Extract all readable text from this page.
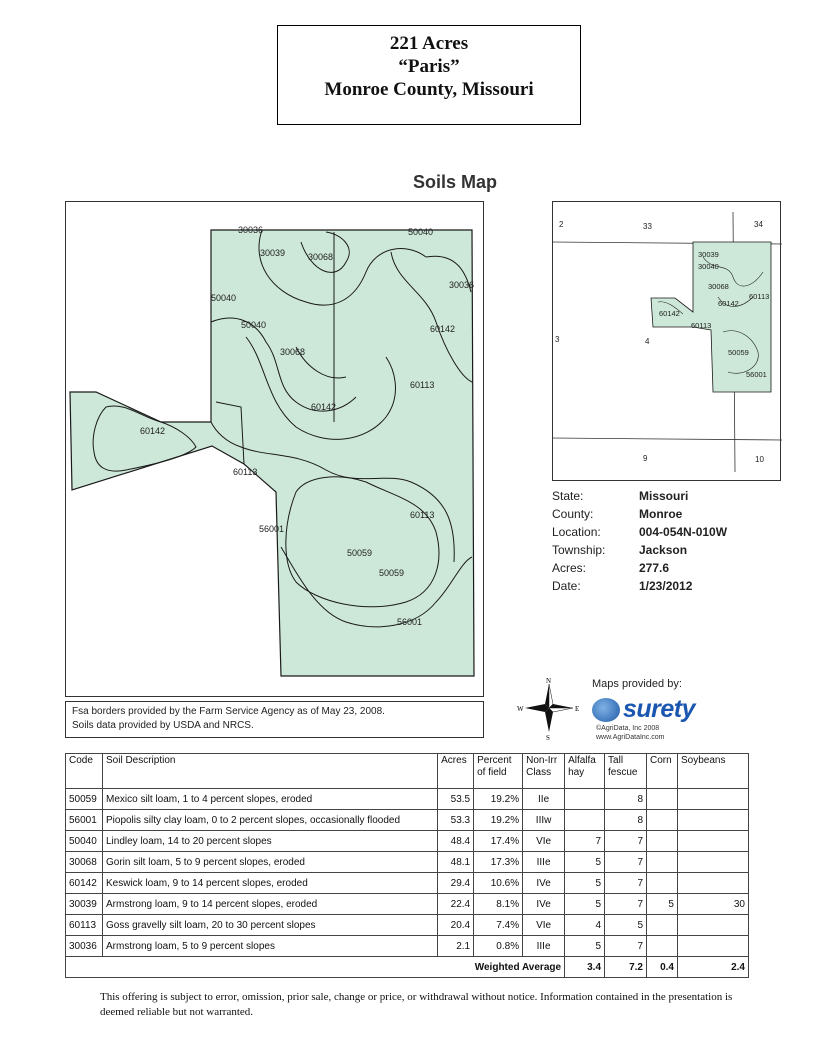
221 Acres
“Paris”
Monroe County, Missouri
Soils Map
30036
30039	30068
50040
50040
50040
30036
60142
30068
60113
60142
60142
60113
56001
60113
50059
50059
56001
2	33	34
3	4
9	10
30039
30040
30068
60113
60142
60142
60113
50059
56001
State:	Missouri
County:	Monroe
Location:	004-054N-010W
Township:	Jackson
Acres:	277.6
Date:	1/23/2012
Fsa borders provided by the Farm Service Agency as of May 23, 2008.
Soils data provided by USDA and NRCS.
N
S
W	E
Maps provided by:
surety
©AgriData, Inc 2008
www.AgriDataInc.com
Code	Soil Description	Acres	Percent of field	Non-Irr Class	Alfalfa hay	Tall fescue	Corn	Soybeans
50059	Mexico silt loam, 1 to 4 percent slopes, eroded	53.5	19.2%	IIe		8		
56001	Piopolis silty clay loam, 0 to 2 percent slopes, occasionally flooded	53.3	19.2%	IIIw		8		
50040	Lindley loam, 14 to 20 percent slopes	48.4	17.4%	VIe	7	7		
30068	Gorin silt loam, 5 to 9 percent slopes, eroded	48.1	17.3%	IIIe	5	7		
60142	Keswick loam, 9 to 14 percent slopes, eroded	29.4	10.6%	IVe	5	7		
30039	Armstrong loam, 9 to 14 percent slopes, eroded	22.4	8.1%	IVe	5	7	5	30
60113	Goss gravelly silt loam, 20 to 30 percent slopes	20.4	7.4%	VIe	4	5		
30036	Armstrong loam, 5 to 9 percent slopes	2.1	0.8%	IIIe	5	7		
Weighted Average					3.4	7.2	0.4	2.4
This offering is subject to error, omission, prior sale, change or price, or withdrawal without notice. Information contained in the presentation is deemed reliable but not warranted.
